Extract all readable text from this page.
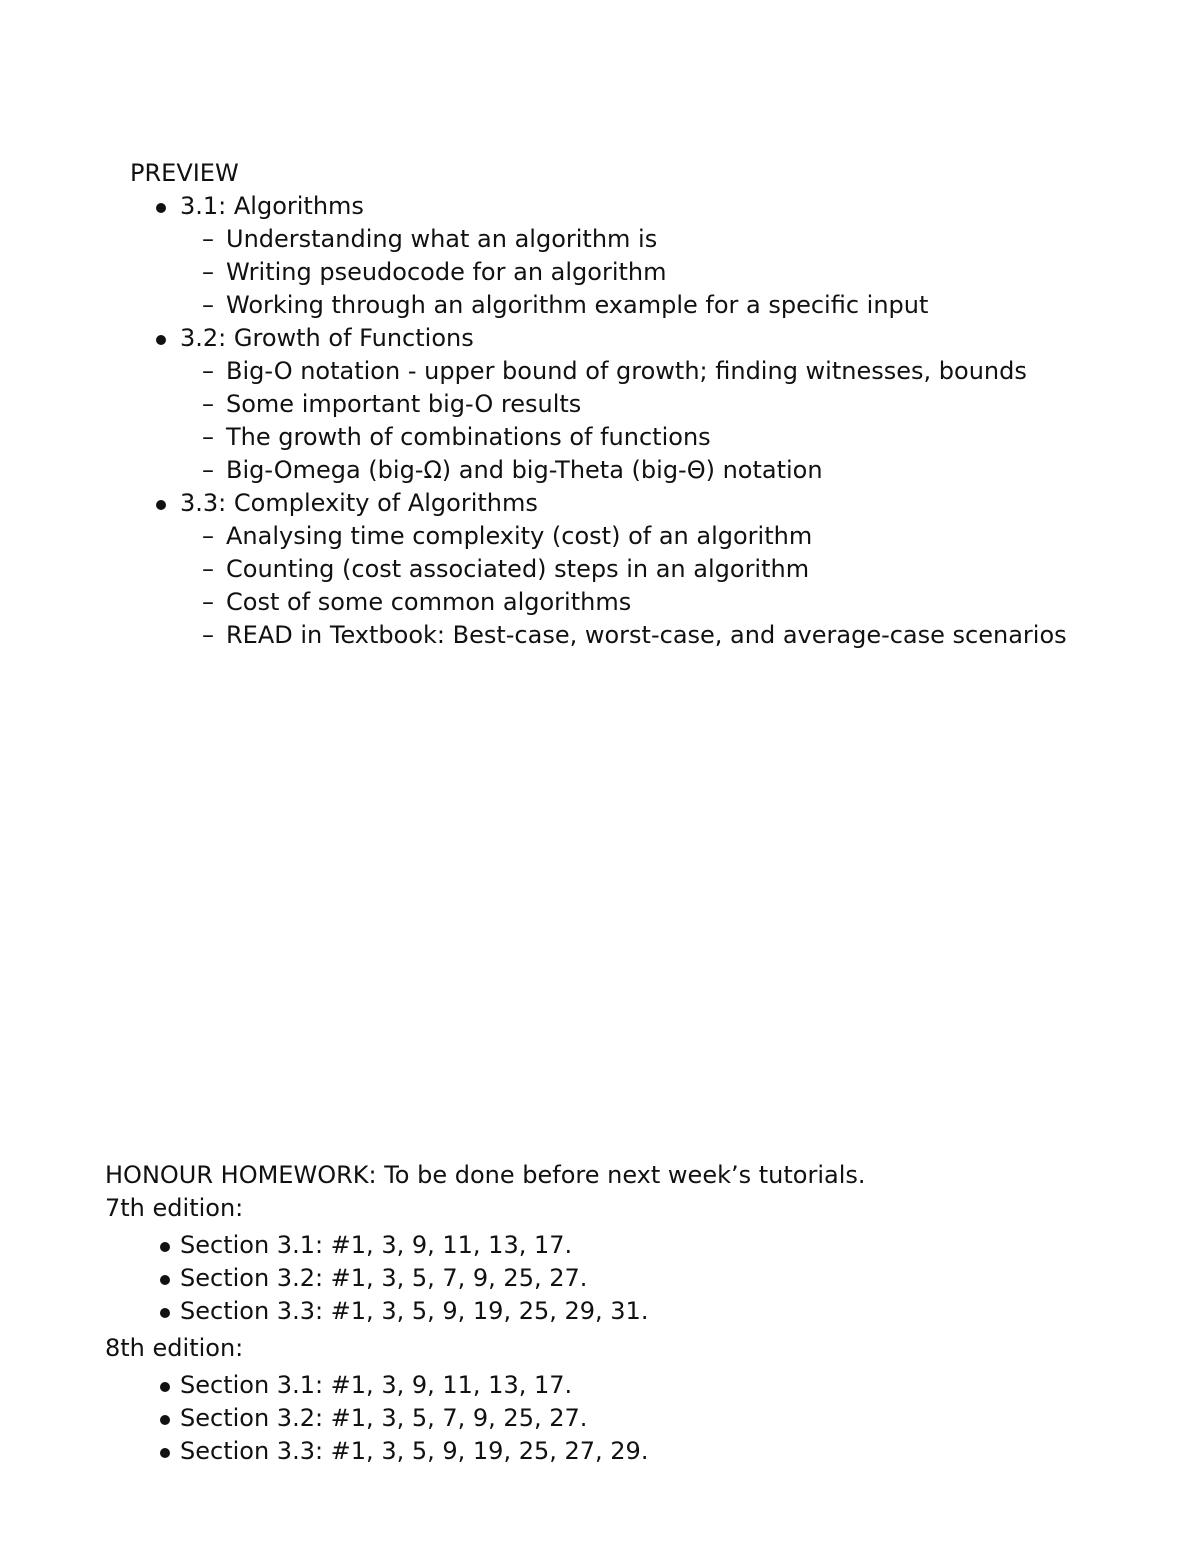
PREVIEW

3.1: Algorithms
– Understanding what an algorithm is
– Writing pseudocode for an algorithm
– Working through an algorithm example for a specific input
3.2: Growth of Functions
– Big-O notation - upper bound of growth; finding witnesses, bounds
– Some important big-O results
– The growth of combinations of functions
– Big-Omega (big-Ω) and big-Theta (big-Θ) notation
3.3: Complexity of Algorithms
– Analysing time complexity (cost) of an algorithm
– Counting (cost associated) steps in an algorithm
– Cost of some common algorithms
– READ in Textbook: Best-case, worst-case, and average-case scenarios

HONOUR HOMEWORK: To be done before next week’s tutorials.

7th edition:

Section 3.1: #1, 3, 9, 11, 13, 17.
Section 3.2: #1, 3, 5, 7, 9, 25, 27.
Section 3.3: #1, 3, 5, 9, 19, 25, 29, 31.

8th edition:

Section 3.1: #1, 3, 9, 11, 13, 17.
Section 3.2: #1, 3, 5, 7, 9, 25, 27.
Section 3.3: #1, 3, 5, 9, 19, 25, 27, 29.
